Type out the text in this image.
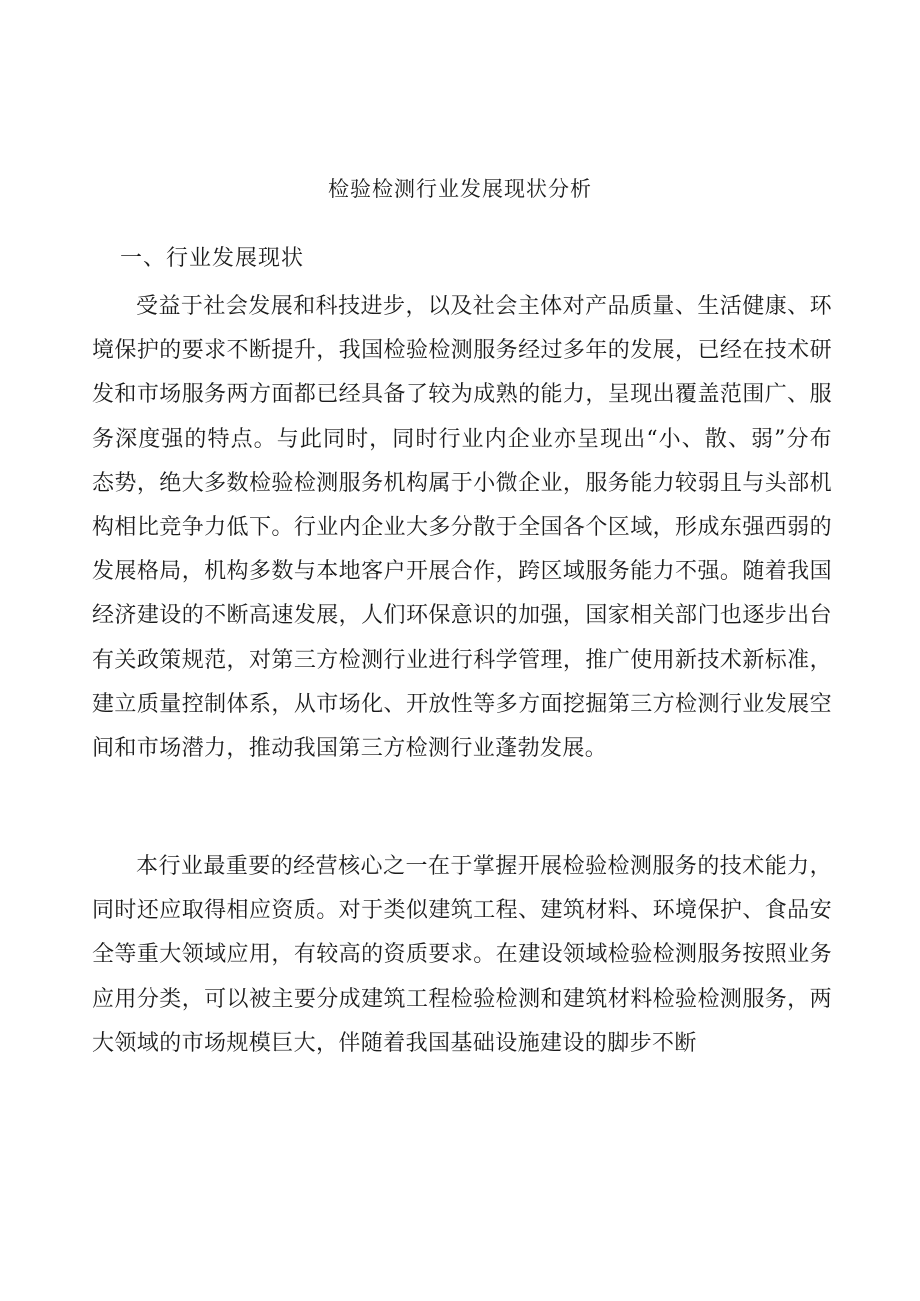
检验检测行业发展现状分析
一、行业发展现状

受益于社会发展和科技进步，以及社会主体对产品质量、生活健康、环境保护的要求不断提升，我国检验检测服务经过多年的发展，已经在技术研发和市场服务两方面都已经具备了较为成熟的能力，呈现出覆盖范围广、服务深度强的特点。与此同时，同时行业内企业亦呈现出“小、散、弱”分布态势，绝大多数检验检测服务机构属于小微企业，服务能力较弱且与头部机构相比竞争力低下。行业内企业大多分散于全国各个区域，形成东强西弱的发展格局，机构多数与本地客户开展合作，跨区域服务能力不强。随着我国经济建设的不断高速发展，人们环保意识的加强，国家相关部门也逐步出台有关政策规范，对第三方检测行业进行科学管理，推广使用新技术新标准，建立质量控制体系，从市场化、开放性等多方面挖掘第三方检测行业发展空间和市场潜力，推动我国第三方检测行业蓬勃发展。

本行业最重要的经营核心之一在于掌握开展检验检测服务的技术能力，同时还应取得相应资质。对于类似建筑工程、建筑材料、环境保护、食品安全等重大领域应用，有较高的资质要求。在建设领域检验检测服务按照业务应用分类，可以被主要分成建筑工程检验检测和建筑材料检验检测服务，两大领域的市场规模巨大，伴随着我国基础设施建设的脚步不断
